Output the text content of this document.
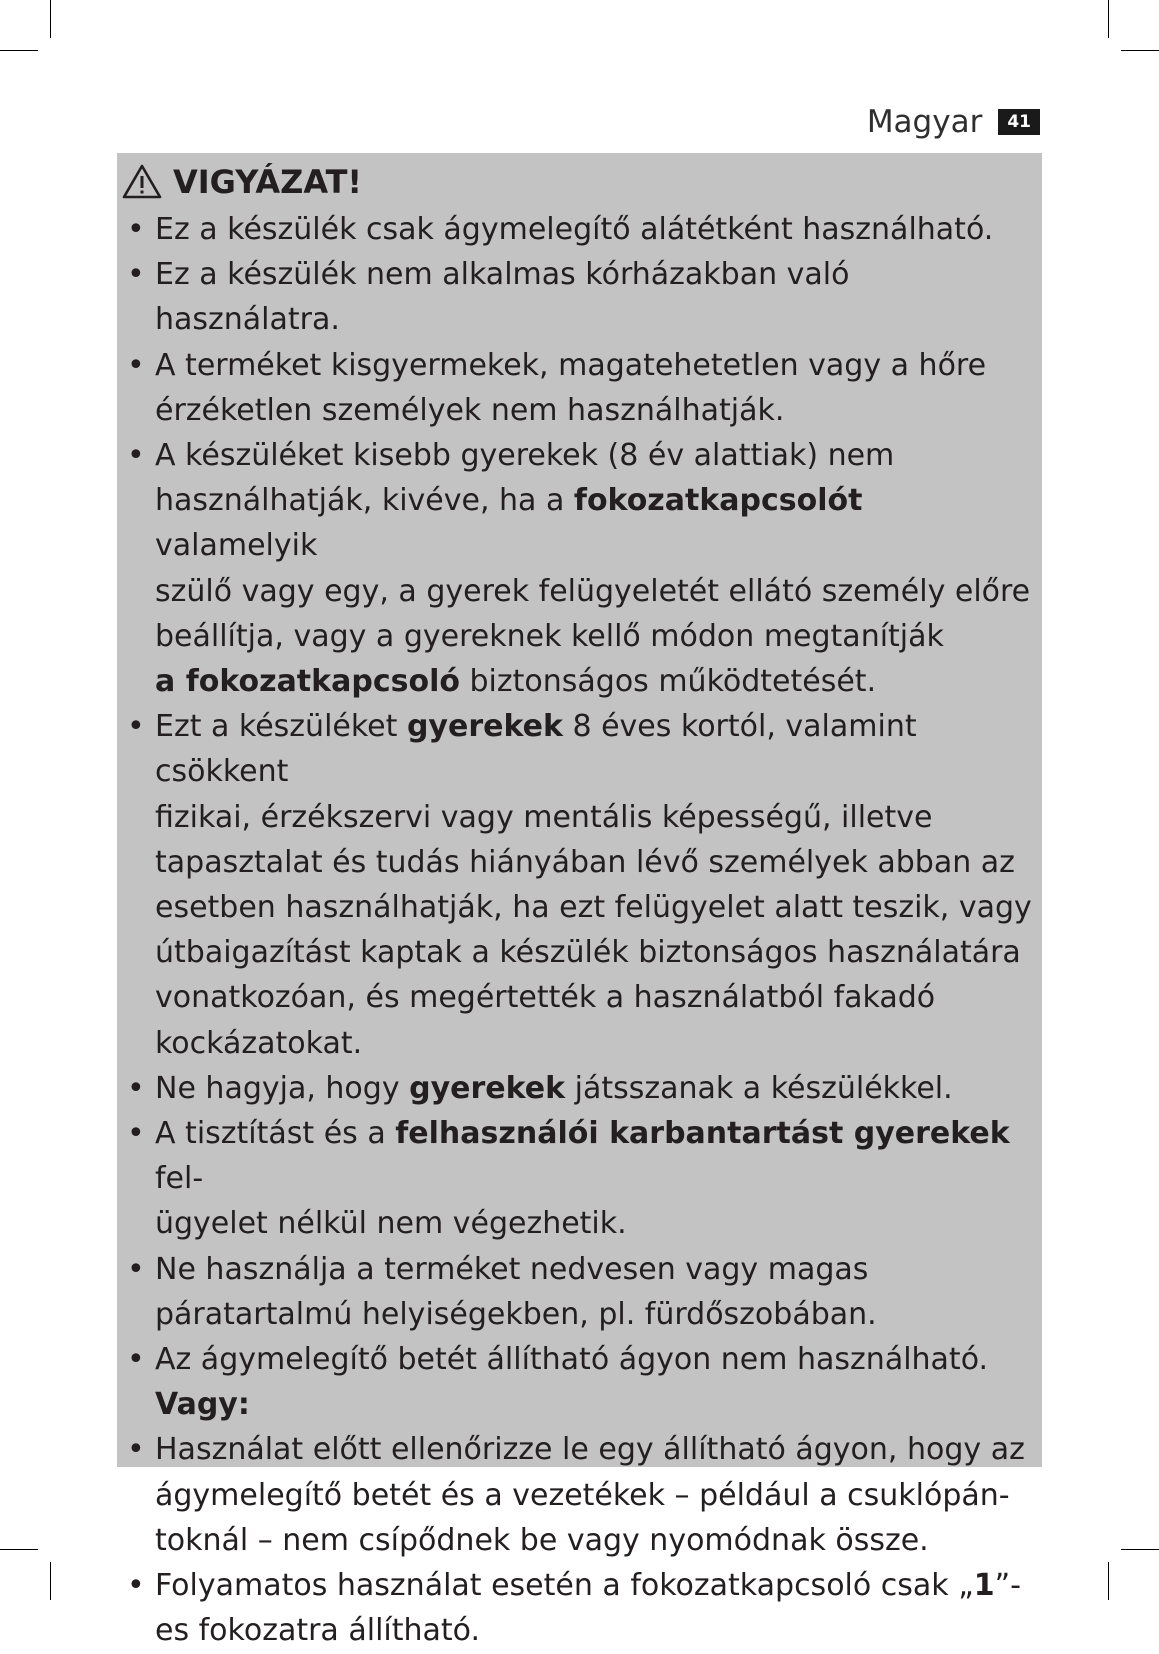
Magyar	41
VIGYÁZAT!
• Ez a készülék csak ágymelegítő alátétként használható.
• Ez a készülék nem alkalmas kórházakban való használatra.
• A terméket kisgyermekek, magatehetetlen vagy a hőre
érzéketlen személyek nem használhatják.
• A készüléket kisebb gyerekek (8 év alattiak) nem
használhatják, kivéve, ha a fokozatkapcsolót valamelyik
szülő vagy egy, a gyerek felügyeletét ellátó személy előre
beállítja, vagy a gyereknek kellő módon megtanítják
a fokozatkapcsoló biztonságos működtetését.
• Ezt a készüléket gyerekek 8 éves kortól, valamint csökkent
fizikai, érzékszervi vagy mentális képességű, illetve
tapasztalat és tudás hiányában lévő személyek abban az
esetben használhatják, ha ezt felügyelet alatt teszik, vagy
útbaigazítást kaptak a készülék biztonságos használatára
vonatkozóan, és megértették a használatból fakadó
kockázatokat.
• Ne hagyja, hogy gyerekek játsszanak a készülékkel.
• A tisztítást és a felhasználói karbantartást gyerekek fel-
ügyelet nélkül nem végezhetik.
• Ne használja a terméket nedvesen vagy magas
páratartalmú helyiségekben, pl. fürdőszobában.
• Az ágymelegítő betét állítható ágyon nem használható.
Vagy:
• Használat előtt ellenőrizze le egy állítható ágyon, hogy az
ágymelegítő betét és a vezetékek – például a csuklópán-
toknál – nem csípődnek be vagy nyomódnak össze.
• Folyamatos használat esetén a fokozatkapcsoló csak „1”-
es fokozatra állítható.
